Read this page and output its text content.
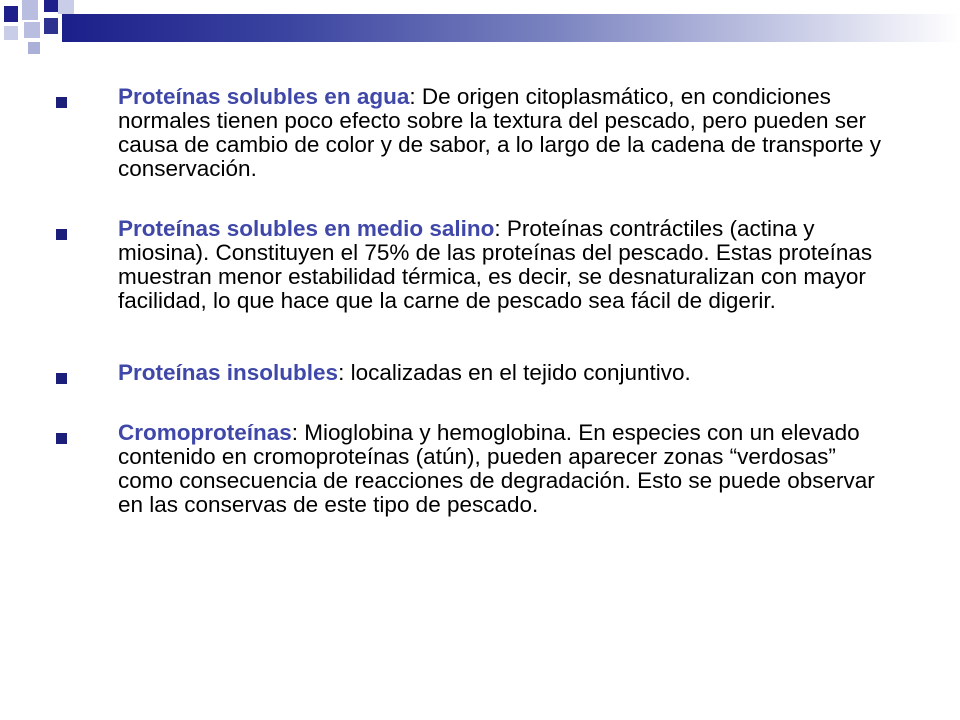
Proteínas solubles en agua: De origen citoplasmático, en condiciones normales tienen poco efecto sobre la textura del pescado, pero pueden ser causa de cambio de color y de sabor, a lo largo de la cadena de transporte y conservación.
Proteínas solubles en medio salino: Proteínas contráctiles (actina y miosina). Constituyen el 75% de las proteínas del pescado. Estas proteínas muestran menor estabilidad térmica, es decir, se desnaturalizan con mayor facilidad, lo que hace que la carne de pescado sea fácil de digerir.
Proteínas insolubles: localizadas en el tejido conjuntivo.
Cromoproteínas: Mioglobina y hemoglobina. En especies con un elevado contenido en cromoproteínas (atún), pueden aparecer zonas “verdosas” como consecuencia de reacciones de degradación. Esto se puede observar en las conservas de este tipo de pescado.
